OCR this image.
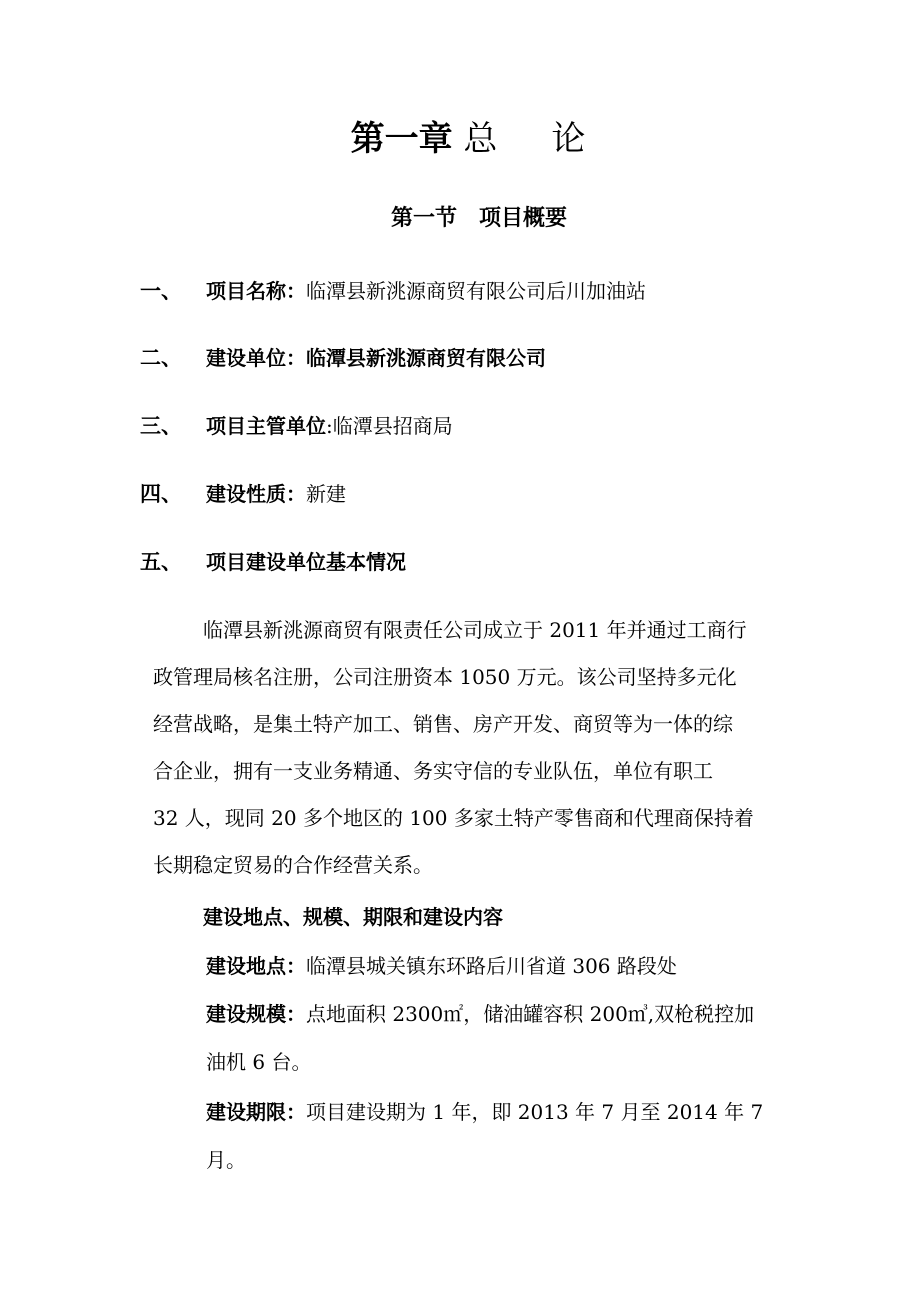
第一章 总论
第一节　项目概要
一、 项目名称：临潭县新洮源商贸有限公司后川加油站
二、 建设单位：临潭县新洮源商贸有限公司
三、 项目主管单位:临潭县招商局
四、 建设性质：新建
五、 项目建设单位基本情况
临潭县新洮源商贸有限责任公司成立于 2011 年并通过工商行
政管理局核名注册，公司注册资本 1050 万元。该公司坚持多元化
经营战略，是集土特产加工、销售、房产开发、商贸等为一体的综
合企业，拥有一支业务精通、务实守信的专业队伍，单位有职工
32 人，现同 20 多个地区的 100 多家土特产零售商和代理商保持着
长期稳定贸易的合作经营关系。
建设地点、规模、期限和建设内容
建设地点：临潭县城关镇东环路后川省道 306 路段处
建设规模：点地面积 2300㎡，储油罐容积 200㎥,双枪税控加
油机 6 台。
建设期限：项目建设期为 1 年，即 2013 年 7 月至 2014 年 7
月。
